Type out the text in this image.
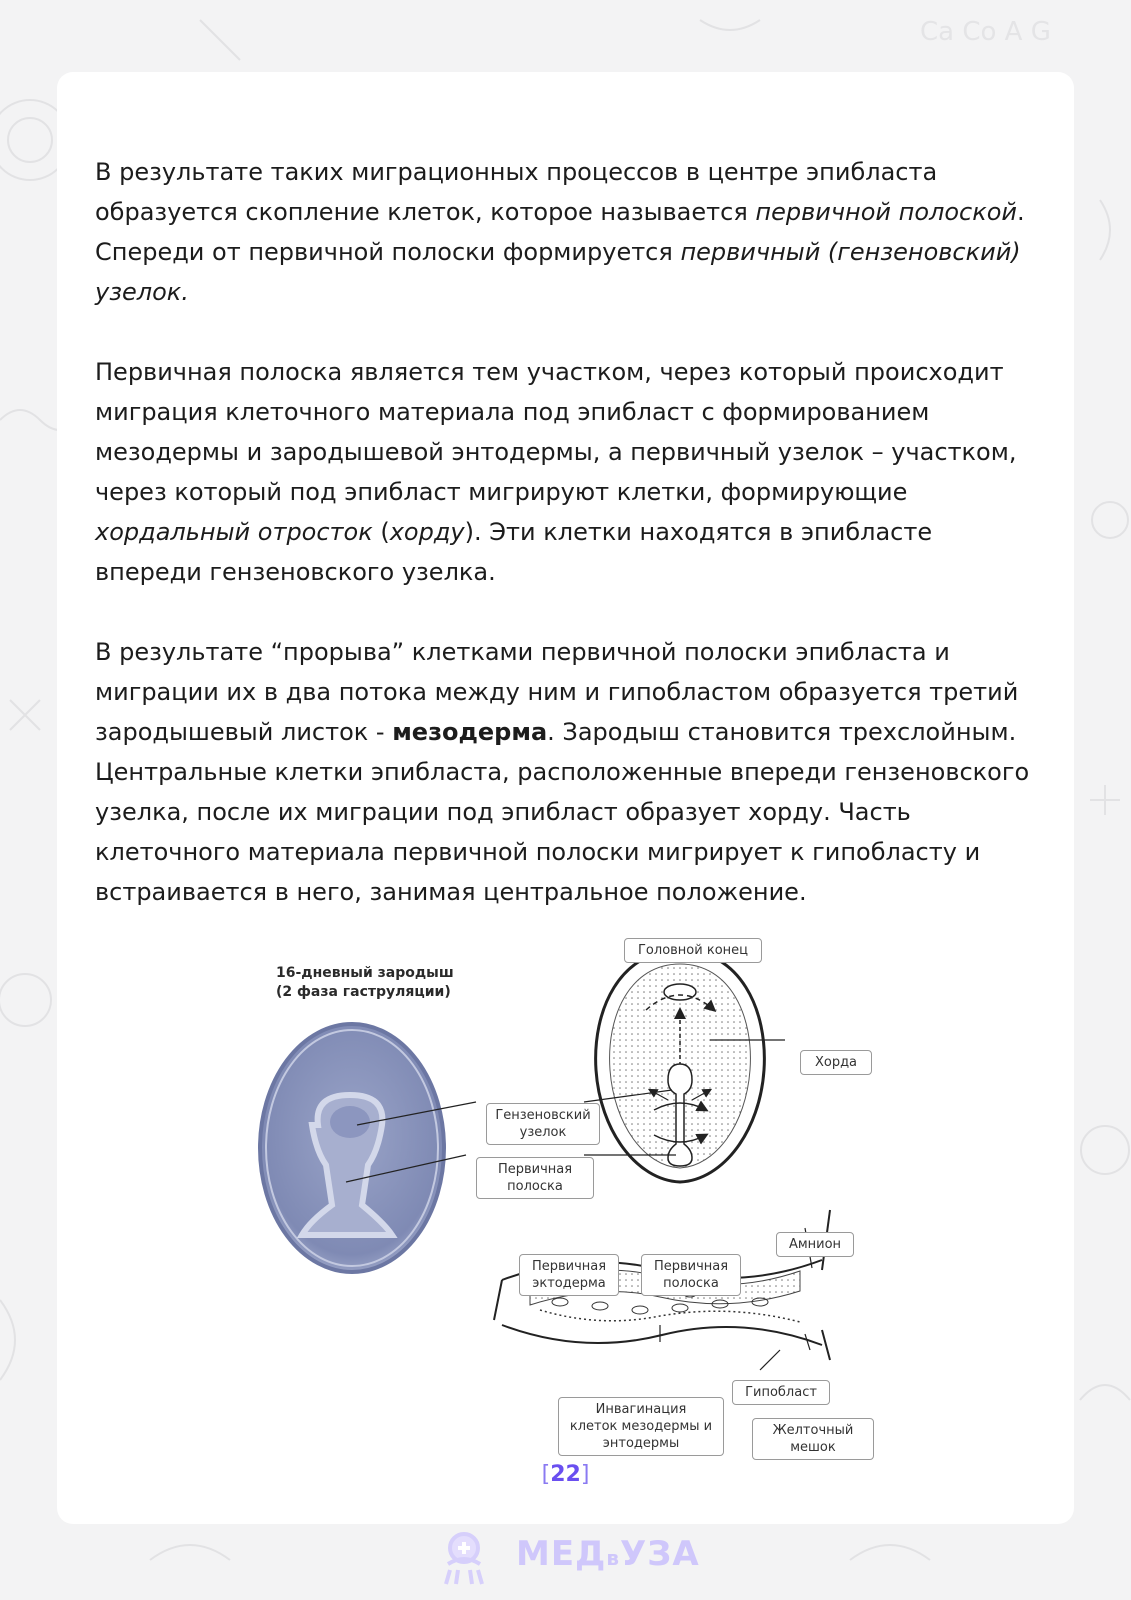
Ca Co A G

В результате таких миграционных процессов в центре эпибласта образуется скопление клеток, которое называется первичной полоской. Спереди от первичной полоски формируется первичный (гензеновский) узелок.

Первичная полоска является тем участком, через который происходит миграция клеточного материала под эпибласт с формированием мезодермы и зародышевой энтодермы, а первичный узелок – участком, через который под эпибласт мигрируют клетки, формирующие хордальный отросток (хорду). Эти клетки находятся в эпибласте впереди гензеновского узелка.

В результате “прорыва” клетками первичной полоски эпибласта и миграции их в два потока между ним и гипобластом образуется третий зародышевый листок - мезодерма. Зародыш становится трехслойным. Центральные клетки эпибласта, расположенные впереди гензеновского узелка, после их миграции под эпибласт образует хорду. Часть клеточного материала первичной полоски мигрирует к гипобласту и встраивается в него, занимая центральное положение.

16-дневный зародыш
(2 фаза гаструляции)
Головной конец
Хорда
Гензеновский
узелок
Первичная
полоска
Амнион
Первичная
эктодерма
Первичная
полоска
Гипобласт
Инвагинация
клеток мезодермы и
энтодермы
Желточный
мешок
[22]
МЕДвУЗА
